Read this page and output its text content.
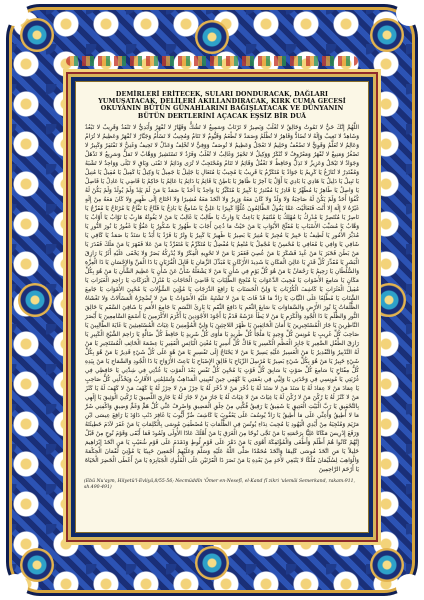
DEMİRLERİ ERİTECEK, SULARI DONDURACAK, DAĞLARI YUMUŞATACAK, DELİLERİ AKILLANDIRACAK, KIRK CUMA GECESİ OKUYANIN BÜTÜN GÜNAHLARINI BAĞIŞLATACAK VE DÜNYANIN BÜTÜN DERTLERİNİ AÇACAK EŞSİZ BİR DUÂ
اللَّهُمَّ إِنَّكَ حَيٌّ لا تَمُوتُ وَخَالِقٌ لا تُغْلَبُ وَبَصِيرٌ لا تَرْتَابُ وَسَمِيعٌ لا تَشُكُّ وَقَهَّارٌ لا تُقْهَرُ وَأَبَدِيٌّ لا تَنْفَدُ وَقَرِيبٌ لا تَبْعُدُ وَشَاهِدٌ لا تَغِيبُ وَإِلَهٌ لا تُضَادُّ وَقَاهِرٌ لا تُظْلَمُ وَصَمَدٌ لا تُطْعَمُ وَقَيُّومٌ لا تَنَامُ وَمُجِيبٌ لا تَسْأَمُ وَجَبَّارٌ لا تُقْهَرُ وَعَظِيمٌ لا تُرَامُ وَعَالِمٌ لا تُعَلَّمُ وَقَوِيٌّ لا تَضْعُفُ وَحَلِيمٌ لا تَعْجَلُ وَعَظِيمٌ لا تُوصَفُ وَوَفِيٌّ لا تُخْلِفُ وَعَدْلٌ لا تَحِيفُ وَغَنِيٌّ لا تَفْتَقِرُ وَكَبِيرٌ لا تَصْغُرُ وَمَنِيعٌ لا تُقْهَرُ وَمَعْرُوفٌ لا تُنْكَرُ وَوَكِيلٌ لا تَحْقِرُ وَغَالِبٌ لا تُغْلَبُ وَفَرْدٌ لا تَسْتَشِيرُ وَوَهَّابٌ لا تَمَلُّ وَسَرِيعٌ لا تَذْهَلُ وَجَوَادٌ لا تَبْخَلُ وَعَزِيزٌ لا تَذِلُّ وَحَافِظٌ لا تَغْفُلُ وَقَائِمٌ لا تَنَامُ وَمُحْتَجِبٌ لا تُرَى وَدَائِمٌ لا تَفْنَى وَبَاقٍ لا تَبْلَى وَوَاحِدٌ لا تَشْبَهُ وَمُقْتَدِرٌ لا تُنَازَعُ يَا كَرِيمُ يَا جَوَادُ يَا مُتَكَرِّمُ يَا قَرِيبُ يَا مُجِيبُ يَا مُتَعَالِ يَا جَلِيلُ يَا جَمِيلُ يَا وَكِيلُ يَا كَفِيلُ يَا مُقِيلُ يَا مُنِيلُ يَا نَبِيلُ يَا دَلِيلُ يَا هَادِي يَا بَادِي يَا أَوَّلُ يَا آخِرُ يَا ظَاهِرُ يَا بَاطِنُ يَا قَائِمُ يَا دَائِمُ يَا عَالِمُ يَا حَاكِمُ يَا قَاضِي يَا عَادِلُ يَا فَاصِلُ يَا وَاصِلُ يَا طَاهِرُ يَا مُطَهِّرُ يَا قَادِرُ يَا مُقْتَدِرُ يَا كَبِيرُ يَا مُتَكَبِّرُ يَا وَاحِدُ يَا أَحَدُ يَا صَمَدُ يَا مَنْ لَمْ يَلِدْ وَلَمْ يُولَدْ وَلَمْ يَكُنْ لَهُ كُفُوًا أَحَدٌ وَلَمْ يَكُنْ لَهُ صَاحِبَةٌ وَلا وَلَدٌ وَلا كَانَ مَعَهُ وَزِيرٌ وَلا اتَّخَذَ مَعَهُ مُشِيرًا وَلا احْتَاجَ إِلَى ظَهِيرٍ وَلا كَانَ مَعَهُ مِنْ إِلَهٍ غَيْرُهُ لا إِلَهَ إِلا أَنْتَ فَتَعَالَيْتَ عَمَّا يَقُولُ الظَّالِمُونَ عُلُوًّا كَبِيرًا يَا عَلِيُّ يَا شَامِخُ يَا بَاذِخُ يَا فَتَّاحُ يَا نَفَّاحُ يَا مُرْتَاحُ يَا مُفَرِّجُ يَا نَاصِرُ يَا مُنْتَصِرُ يَا مُدْرِكُ يَا مُهْلِكُ يَا مُنْتَقِمُ يَا بَاعِثُ يَا وَارِثُ يَا طَالِبُ يَا غَالِبُ يَا مَنْ لا يَفُوتُهُ هَارِبٌ يَا تَوَّابُ يَا أَوَّابُ يَا وَهَّابُ يَا مُسَبِّبَ الأَسْبَابِ يَا مُفَتِّحَ الأَبْوَابِ يَا مَنْ حَيْثُ مَا دُعِيَ أَجَابَ يَا طَهُورُ يَا شَكُورُ يَا عَفُوُّ يَا غَفُورُ يَا نُورَ النُّورِ يَا مُدَبِّرَ الأُمُورِ يَا لَطِيفُ يَا خَبِيرُ يَا مُجِيرُ يَا مُنِيرُ يَا بَصِيرُ يَا ظَهِيرُ يَا كَبِيرُ يَا وِتْرُ يَا فَرْدُ يَا أَبَدُ يَا سَنَدُ يَا صَمَدُ يَا كَافِي يَا شَافِي يَا وَافِي يَا مُعَافِي يَا مُحْسِنُ يَا مُجْمِلُ يَا مُنْعِمُ يَا مُفْضِلُ يَا مُتَكَرِّمُ يَا مُتَفَرِّدُ يَا مَنْ عَلا فَقَهَرَ يَا مَنْ مَلَكَ فَقَدَرَ يَا مَنْ بَطَنَ فَخَبَرَ يَا مَنْ عُبِدَ فَشَكَرَ يَا مَنْ عُصِيَ فَغَفَرَ يَا مَنْ لا تَحْوِيهِ الْفِكَرُ وَلا يُدْرِكُهُ بَصَرٌ وَلا يَخْفَى عَلَيْهِ أَثَرٌ يَا رَازِقَ الْبَشَرِ يَا مُقَدِّرَ كُلِّ قَدَرٍ يَا عَالِيَ الْمَكَانِ يَا شَدِيدَ الأَرْكَانِ يَا مُبَدِّلَ الزَّمَانِ يَا قَابِلَ الْقُرْبَانِ يَا ذَا الْمَنِّ وَالإِحْسَانِ يَا ذَا الْعِزَّةِ وَالسُّلْطَانِ يَا رَحِيمُ يَا رَحْمَانُ يَا مَنْ هُوَ كُلَّ يَوْمٍ فِي شَأْنٍ يَا مَنْ لا يَشْغَلُهُ شَأْنٌ عَنْ شَأْنٍ يَا عَظِيمَ الشَّأْنِ يَا مَنْ هُوَ بِكُلِّ مَكَانٍ يَا سَامِعَ الأَصْوَاتِ يَا مُجِيبَ الدَّعَوَاتِ يَا مُنْجِحَ الطَّلِبَاتِ يَا قَاضِيَ الْحَاجَاتِ يَا مُنْزِلَ الْبَرَكَاتِ يَا رَاحِمَ الْعَبَرَاتِ يَا مُقِيلَ الْعَثَرَاتِ يَا كَاشِفَ الْكُرُبَاتِ يَا وَلِيَّ الْحَسَنَاتِ يَا رَافِعَ الدَّرَجَاتِ يَا مُؤْتِيَ السُّؤُلاتِ يَا مُحْيِيَ الأَمْوَاتِ يَا جَامِعَ الشَّتَاتِ يَا مُطَّلِعًا عَلَى النِّيَّاتِ يَا رَادَّ مَا قَدْ فَاتَ يَا مَنْ لا تَشْتَبِهُ عَلَيْهِ الأَصْوَاتُ يَا مَنْ لا تُضْجِرُهُ الْمَسْأَلاتُ وَلا تَغْشَاهُ الظُّلُمَاتُ يَا نُورَ الأَرْضِ وَالسَّمَاوَاتِ يَا سَابِغَ النِّعَمِ يَا دَافِعَ النِّقَمِ يَا بَارِئَ النَّسَمِ يَا جَامِعَ الأُمَمِ يَا شَافِيَ السَّقَمِ يَا خَالِقَ النُّورِ وَالظُّلَمِ يَا ذَا الْجُودِ وَالْكَرَمِ يَا مَنْ لا يَطَأُ عَرْشَهُ قَدَمٌ يَا أَجْوَدَ الأَجْوَدِينَ يَا أَكْرَمَ الأَكْرَمِينَ يَا أَسْمَعَ السَّامِعِينَ يَا أَبْصَرَ النَّاظِرِينَ يَا جَارَ الْمُسْتَجِيرِينَ يَا أَمَانَ الْخَائِفِينَ يَا ظَهْرَ اللاجِئِينَ يَا وَلِيَّ الْمُؤْمِنِينَ يَا غِيَاثَ الْمُسْتَغِيثِينَ يَا غَايَةَ الطَّالِبِينَ يَا صَاحِبَ كُلِّ غَرِيبٍ يَا مُونِسَ كُلِّ وَحِيدٍ يَا مَلْجَأَ كُلِّ طَرِيدٍ يَا مَأْوَى كُلِّ شَرِيدٍ يَا حَافِظَ كُلِّ ضَالَّةٍ يَا رَاحِمَ الشَّيْخِ الْكَبِيرِ يَا رَازِقَ الطِّفْلِ الصَّغِيرِ يَا جَابِرَ الْعَظْمِ الْكَسِيرِ يَا فَاكَّ كُلِّ أَسِيرٍ يَا مُغْنِيَ الْبَائِسِ الْفَقِيرِ يَا عِصْمَةَ الْخَائِفِ الْمُسْتَجِيرِ يَا مَنْ لَهُ التَّدْبِيرُ وَالتَّقْدِيرُ يَا مَنْ الْعَسِيرُ عَلَيْهِ يَسِيرٌ يَا مَنْ لا يَحْتَاجُ إِلَى تَفْسِيرٍ يَا مَنْ هُوَ عَلَى كُلِّ شَيْءٍ قَدِيرٌ يَا مَنْ هُوَ بِكُلِّ شَيْءٍ خَبِيرٌ يَا مَنْ هُوَ بِكُلِّ شَيْءٍ بَصِيرٌ يَا مُرْسِلَ الرِّيَاحِ يَا فَالِقَ الإِصْبَاحِ يَا بَاعِثَ الأَرْوَاحِ يَا ذَا الْجُودِ وَالسَّمَاحِ يَا مَنْ بِيَدِهِ كُلُّ مِفْتَاحٍ يَا سَامِعَ كُلِّ صَوْتٍ يَا سَابِقَ كُلِّ فَوْتٍ يَا مُحْيِيَ كُلِّ نَفْسٍ بَعْدَ الْمَوْتِ يَا عُدَّتِي فِي شِدَّتِي يَا حَافِظِي فِي غُرْبَتِي يَا مُونِسِي فِي وَحْدَتِي يَا وَلِيِّي فِي نِعْمَتِي يَا كَهْفِي حِينَ تُعْيِينِي الْمَذَاهِبُ وَتُسْلِمُنِي الأَقَارِبُ وَيَخْذُلُنِي كُلُّ صَاحِبٍ يَا عِمَادَ مَنْ لا عِمَادَ لَهُ يَا سَنَدَ مَنْ لا سَنَدَ لَهُ يَا ذُخْرَ مَنْ لا ذُخْرَ لَهُ يَا حِرْزَ مَنْ لا حِرْزَ لَهُ يَا كَهْفَ مَنْ لا كَهْفَ لَهُ يَا كَنْزَ مَنْ لا كَنْزَ لَهُ يَا رُكْنَ مَنْ لا رُكْنَ لَهُ يَا غِيَاثَ مَنْ لا غِيَاثَ لَهُ يَا جَارَ مَنْ لا جَارَ لَهُ يَا جَارِيَ اللَّصِيقَ يَا رُكْنِيَ الْوَثِيقَ يَا إِلَهِي بِالتَّحْقِيقِ يَا رَبَّ الْبَيْتِ الْعَتِيقِ يَا شَفِيقُ يَا رَفِيقُ فُكَّنِي مِنْ حِلَقِ الْمَضِيقِ وَاصْرِفْ عَنِّي كُلَّ هَمٍّ وَغَمٍّ وَضِيقٍ وَاكْفِنِي شَرَّ مَا لا أُطِيقُ وَأَعِنِّي عَلَى مَا أُطِيقُ يَا رَادَّ يُوسُفَ عَلَى يَعْقُوبَ يَا كَاشِفَ ضُرِّ أَيُّوبَ يَا غَافِرَ ذَنْبِ دَاوُدَ يَا رَافِعَ عِيسَى ابْنِ مَرْيَمَ وَمُنْجِيَهُ مِنْ أَيْدِي الْيَهُودِ يَا مُجِيبَ نِدَاءِ يُونُسَ فِي الظُّلُمَاتِ يَا مُصْطَفِيَ مُوسَى بِالْكَلِمَاتِ يَا مَنْ غَفَرَ لآدَمَ خَطِيئَتَهُ وَرَفَعَ إِدْرِيسَ مَكَانًا عَلِيًّا بِرَحْمَتِهِ يَا مَنْ نَجَّى نُوحًا مِنَ الْغَرَقِ يَا مَنْ أَهْلَكَ عَادًا الأُولَى وَثَمُودَ فَمَا أَبْقَى وَقَوْمَ نُوحٍ مِنْ قَبْلُ إِنَّهُمْ كَانُوا هُمْ أَظْلَمَ وَأَطْغَى وَالْمُؤْتَفِكَةَ أَهْوَى يَا مَنْ دَمَّرَ عَلَى قَوْمِ لُوطٍ وَدَمْدَمَ عَلَى قَوْمِ شُعَيْبٍ يَا مَنِ اتَّخَذَ إِبْرَاهِيمَ خَلِيلاً يَا مَنِ اتَّخَذَ مُوسَى كَلِيمًا وَاتَّخَذَ مُحَمَّدًا صَلَّى اللَّهُ عَلَيْهِ وَسَلَّمَ وَعَلَيْهِمْ أَجْمَعِينَ حَبِيبًا يَا مُؤْتِيَ لُقْمَانَ الْحِكْمَةَ وَالْوَاهِبَ لِسُلَيْمَانَ مُلْكًا لا يَنْبَغِي لأَحَدٍ مِنْ بَعْدِهِ يَا مَنْ نَصَرَ ذَا الْقَرْنَيْنِ عَلَى الْمُلُوكِ الْجَبَابِرَةِ يَا مَنْ أَعْطَى الْخَضِرَ الْحَيَاةَ يَا أَرْحَمَ الرَّاحِمِينَ
(Ebû Nuʿaym, Hilyetü'l-Evliyâ,8/55-56; Necmüddîn ʿÖmer en-Nesefî, el-Kand fî zikri ʿulemâi Semerkand, rakam:911, sh.490-491)
